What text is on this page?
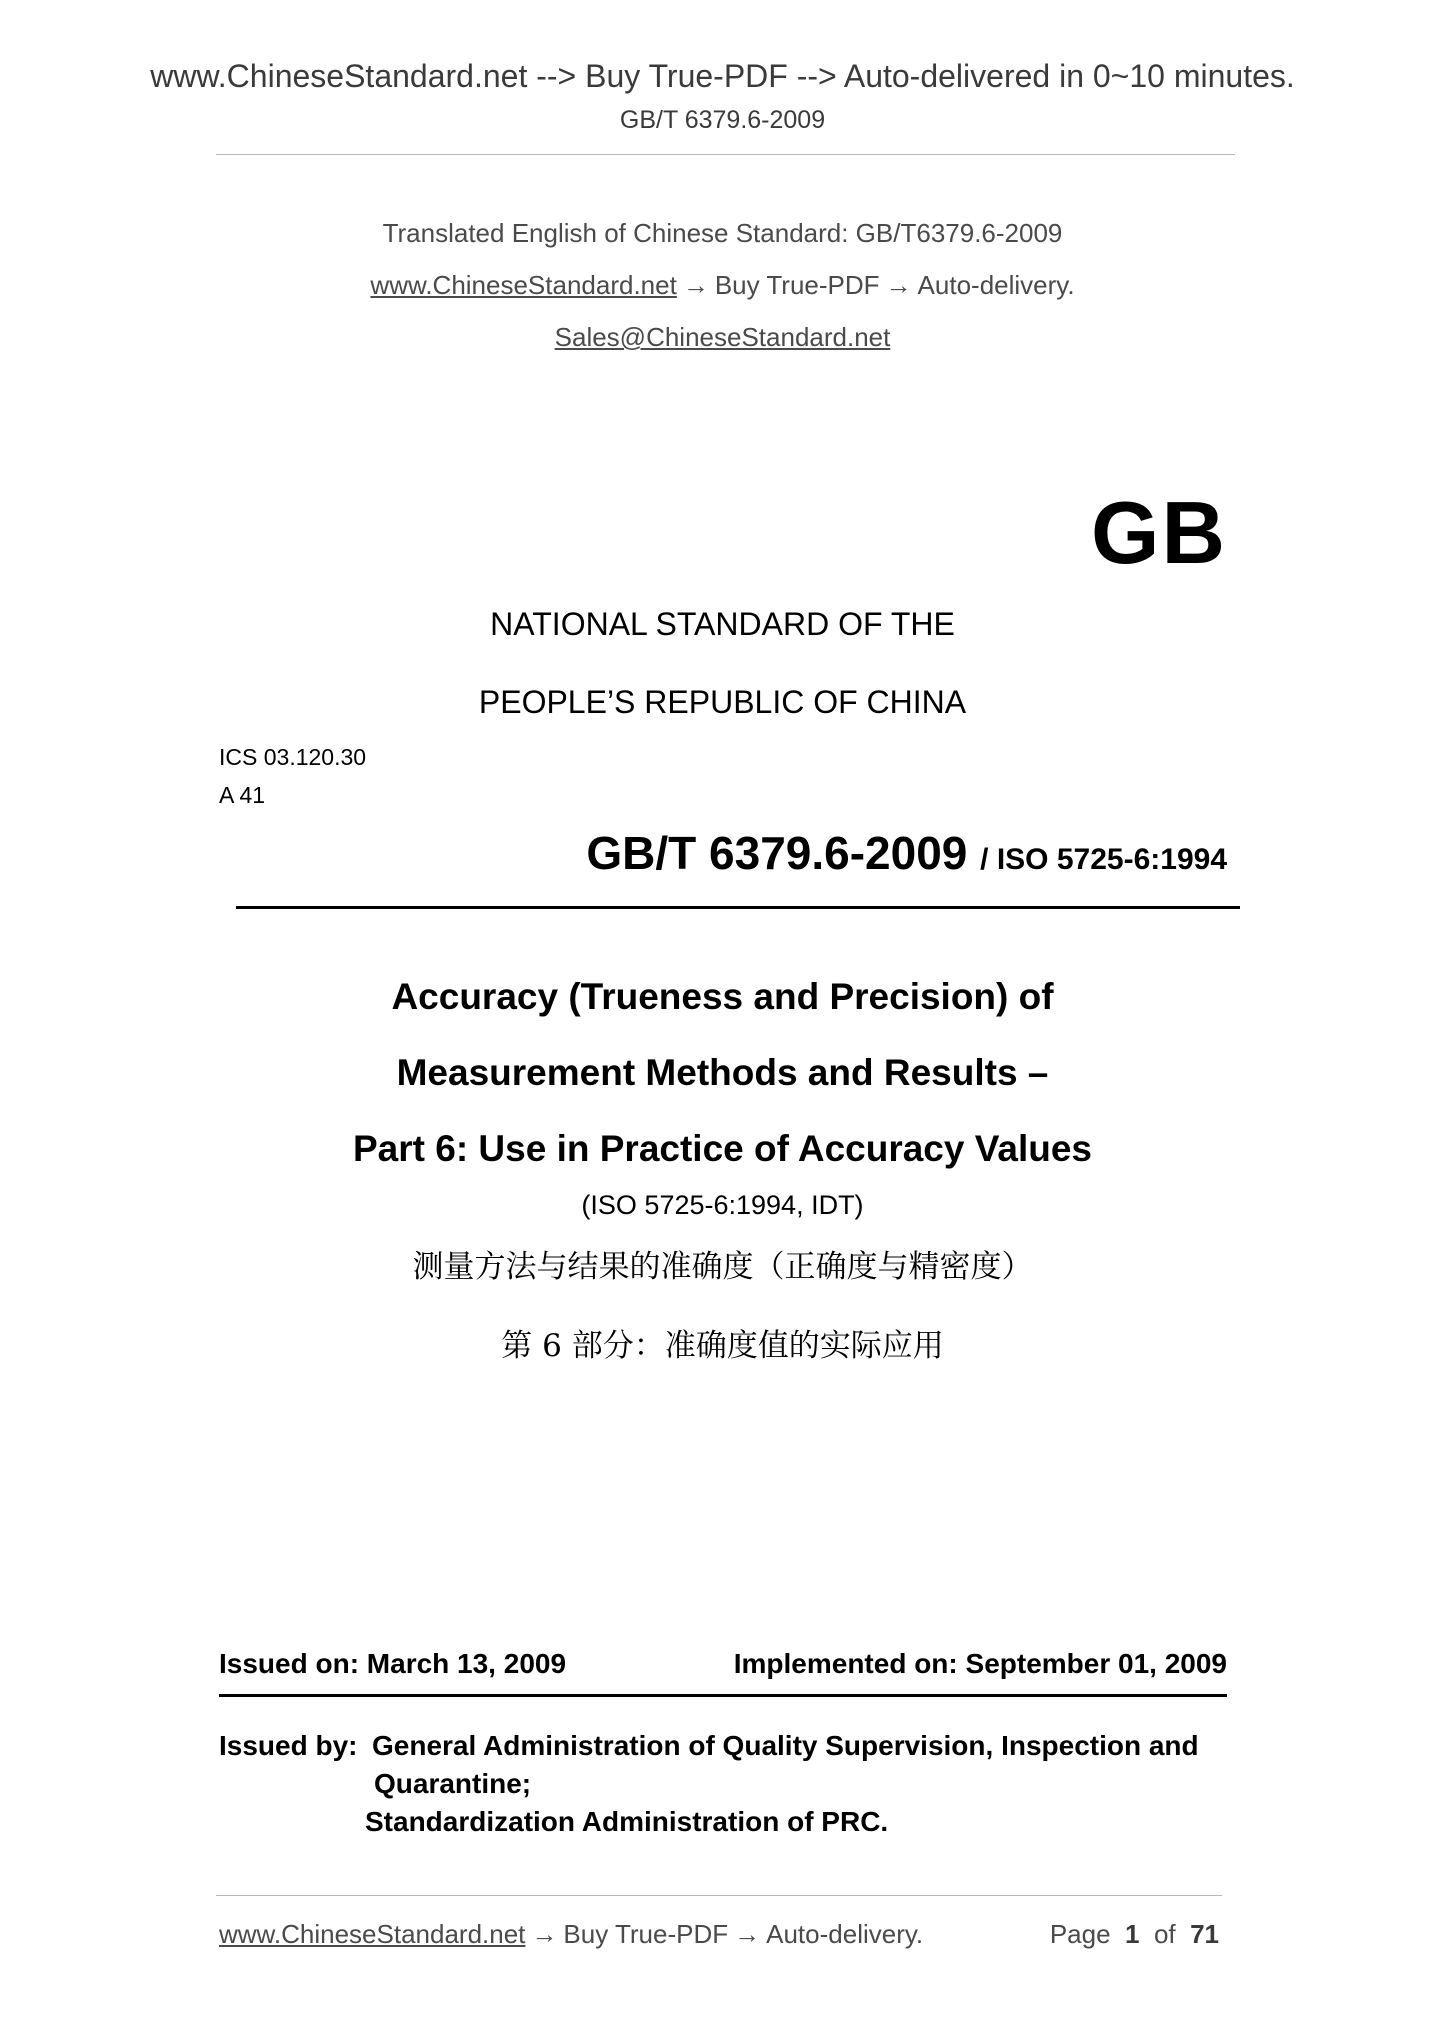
www.ChineseStandard.net --> Buy True-PDF --> Auto-delivered in 0~10 minutes.
GB/T 6379.6-2009
Translated English of Chinese Standard: GB/T6379.6-2009
www.ChineseStandard.net → Buy True-PDF → Auto-delivery.
Sales@ChineseStandard.net
GB
NATIONAL STANDARD OF THE
PEOPLE’S REPUBLIC OF CHINA
ICS 03.120.30
A 41
GB/T 6379.6-2009 / ISO 5725-6:1994
Accuracy (Trueness and Precision) of
Measurement Methods and Results –
Part 6: Use in Practice of Accuracy Values
(ISO 5725-6:1994, IDT)
测量方法与结果的准确度（正确度与精密度）
第 6 部分：准确度值的实际应用
Issued on: March 13, 2009	Implemented on: September 01, 2009
Issued by: General Administration of Quality Supervision, Inspection and
Quarantine;
Standardization Administration of PRC.
www.ChineseStandard.net → Buy True-PDF → Auto-delivery.	Page 1 of 71
